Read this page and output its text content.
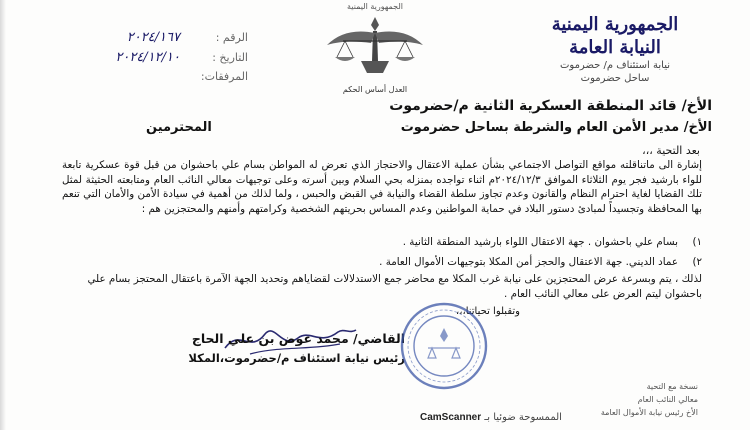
الجمهورية اليمنية
النيابة العامة
نيابة استئناف م/ حضرموت
ساحل حضرموت
الجمهورية اليمنية
العدل أساس الحكم
الرقم :
٢٠٢٤/١٦٧
التاريخ :
٢٠٢٤/١٢/١٠
المرفقات:
الأخ/ قائد المنطقة العسكرية الثانية م/حضرموت
الأخ/ مدير الأمن العام والشرطة بساحل حضرموت
المحترمين
بعد التحية ،،،
إشارة الى ماتناقلته مواقع التواصل الاجتماعي بشأن عملية الاعتقال والاحتجاز الذي تعرض له المواطن بسام علي باحشوان من قبل قوة عسكرية تابعة للواء بارشيد فجر يوم الثلاثاء الموافق ٢٠٢٤/١٢/٣م اثناء تواجده بمنزله بحي السلام وبين أسرته وعلى توجيهات معالي النائب العام ومتابعته الحثيثة لمثل تلك القضايا لغاية احترام النظام والقانون وعدم تجاوز سلطة القضاء والنيابة في القبض والحبس ، ولما لذلك من أهمية في سيادة الأمن والأمان التي تنعم بها المحافظة وتجسيداً لمبادئ دستور البلاد في حماية المواطنين وعدم المساس بحريتهم الشخصية وكرامتهم وأمنهم والمحتجزين هم :
١)
بسام علي باحشوان . جهة الاعتقال اللواء بارشيد المنطقة الثانية .
٢)
عماد الديني. جهة الاعتقال والحجز أمن المكلا بتوجيهات الأموال العامة .
لذلك ، يتم وبسرعة عرض المحتجزين على نيابة غرب المكلا مع محاضر جمع الاستدلالات لقضاياهم وتحديد الجهة الآمرة باعتقال المحتجز بسام علي باحشوان ليتم العرض على معالي النائب العام .
وتقبلوا تحياتنا،،،
القاضي/ محمد عوض بن علي الحاج
رئيس نيابة استئناف م/حضرموت،المكلا
نسخة مع التحية
معالي النائب العام
الأخ رئيس نيابة الأموال العامة
الممسوحة ضوئيا بـ CamScanner
